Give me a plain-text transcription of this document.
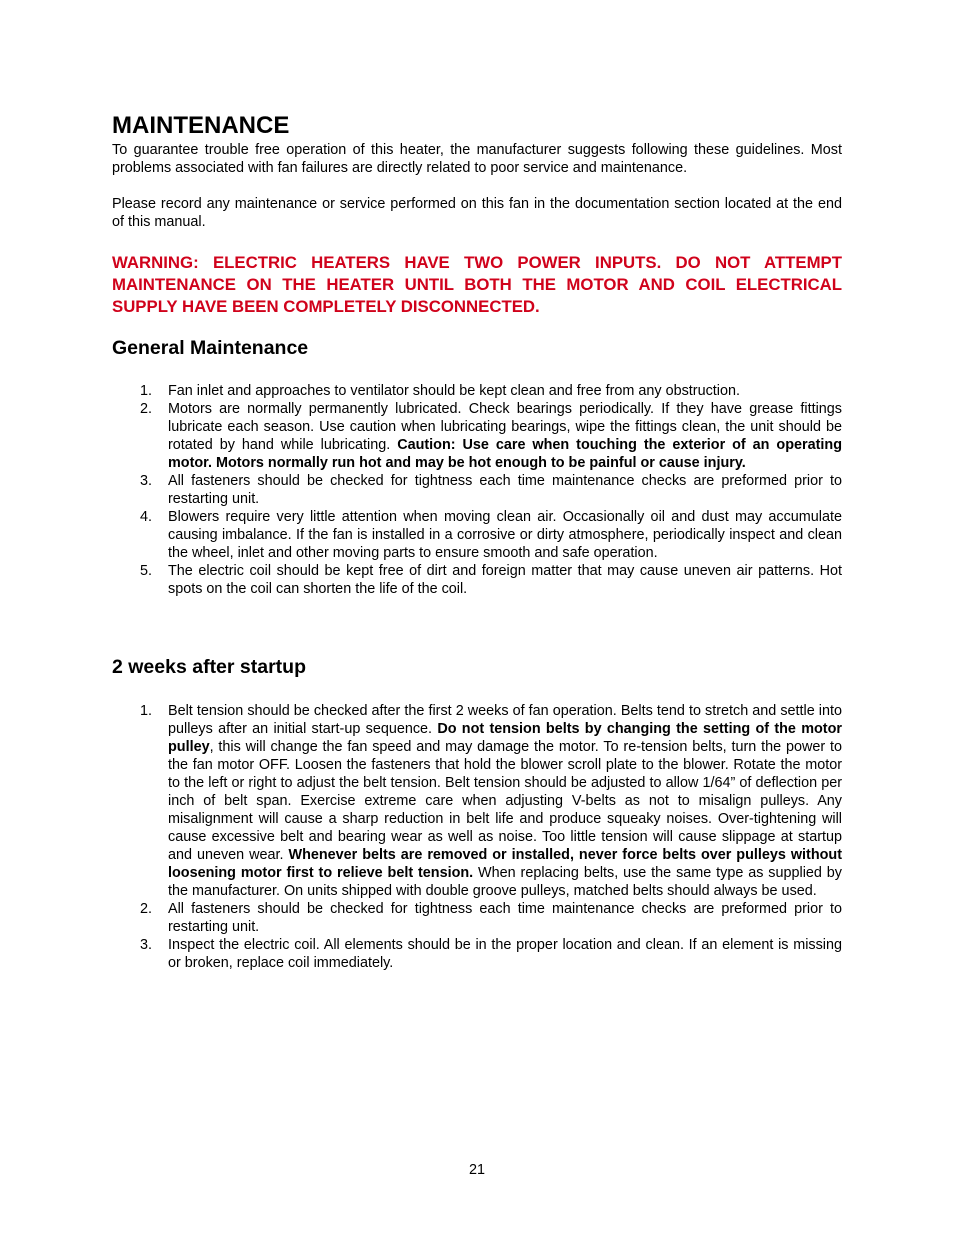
MAINTENANCE

To guarantee trouble free operation of this heater, the manufacturer suggests following these guidelines. Most problems associated with fan failures are directly related to poor service and maintenance.

Please record any maintenance or service performed on this fan in the documentation section located at the end of this manual.

WARNING: ELECTRIC HEATERS HAVE TWO POWER INPUTS. DO NOT ATTEMPT MAINTENANCE ON THE HEATER UNTIL BOTH THE MOTOR AND COIL ELECTRICAL SUPPLY HAVE BEEN COMPLETELY DISCONNECTED.

General Maintenance
1. Fan inlet and approaches to ventilator should be kept clean and free from any obstruction.
2. Motors are normally permanently lubricated. Check bearings periodically. If they have grease fittings lubricate each season. Use caution when lubricating bearings, wipe the fittings clean, the unit should be rotated by hand while lubricating. Caution: Use care when touching the exterior of an operating motor. Motors normally run hot and may be hot enough to be painful or cause injury.
3. All fasteners should be checked for tightness each time maintenance checks are preformed prior to restarting unit.
4. Blowers require very little attention when moving clean air. Occasionally oil and dust may accumulate causing imbalance. If the fan is installed in a corrosive or dirty atmosphere, periodically inspect and clean the wheel, inlet and other moving parts to ensure smooth and safe operation.
5. The electric coil should be kept free of dirt and foreign matter that may cause uneven air patterns. Hot spots on the coil can shorten the life of the coil.
2 weeks after startup
1. Belt tension should be checked after the first 2 weeks of fan operation. Belts tend to stretch and settle into pulleys after an initial start-up sequence. Do not tension belts by changing the setting of the motor pulley, this will change the fan speed and may damage the motor. To re-tension belts, turn the power to the fan motor OFF. Loosen the fasteners that hold the blower scroll plate to the blower. Rotate the motor to the left or right to adjust the belt tension. Belt tension should be adjusted to allow 1/64” of deflection per inch of belt span. Exercise extreme care when adjusting V-belts as not to misalign pulleys. Any misalignment will cause a sharp reduction in belt life and produce squeaky noises. Over-tightening will cause excessive belt and bearing wear as well as noise. Too little tension will cause slippage at startup and uneven wear. Whenever belts are removed or installed, never force belts over pulleys without loosening motor first to relieve belt tension. When replacing belts, use the same type as supplied by the manufacturer. On units shipped with double groove pulleys, matched belts should always be used.
2. All fasteners should be checked for tightness each time maintenance checks are preformed prior to restarting unit.
3. Inspect the electric coil. All elements should be in the proper location and clean. If an element is missing or broken, replace coil immediately.
21
